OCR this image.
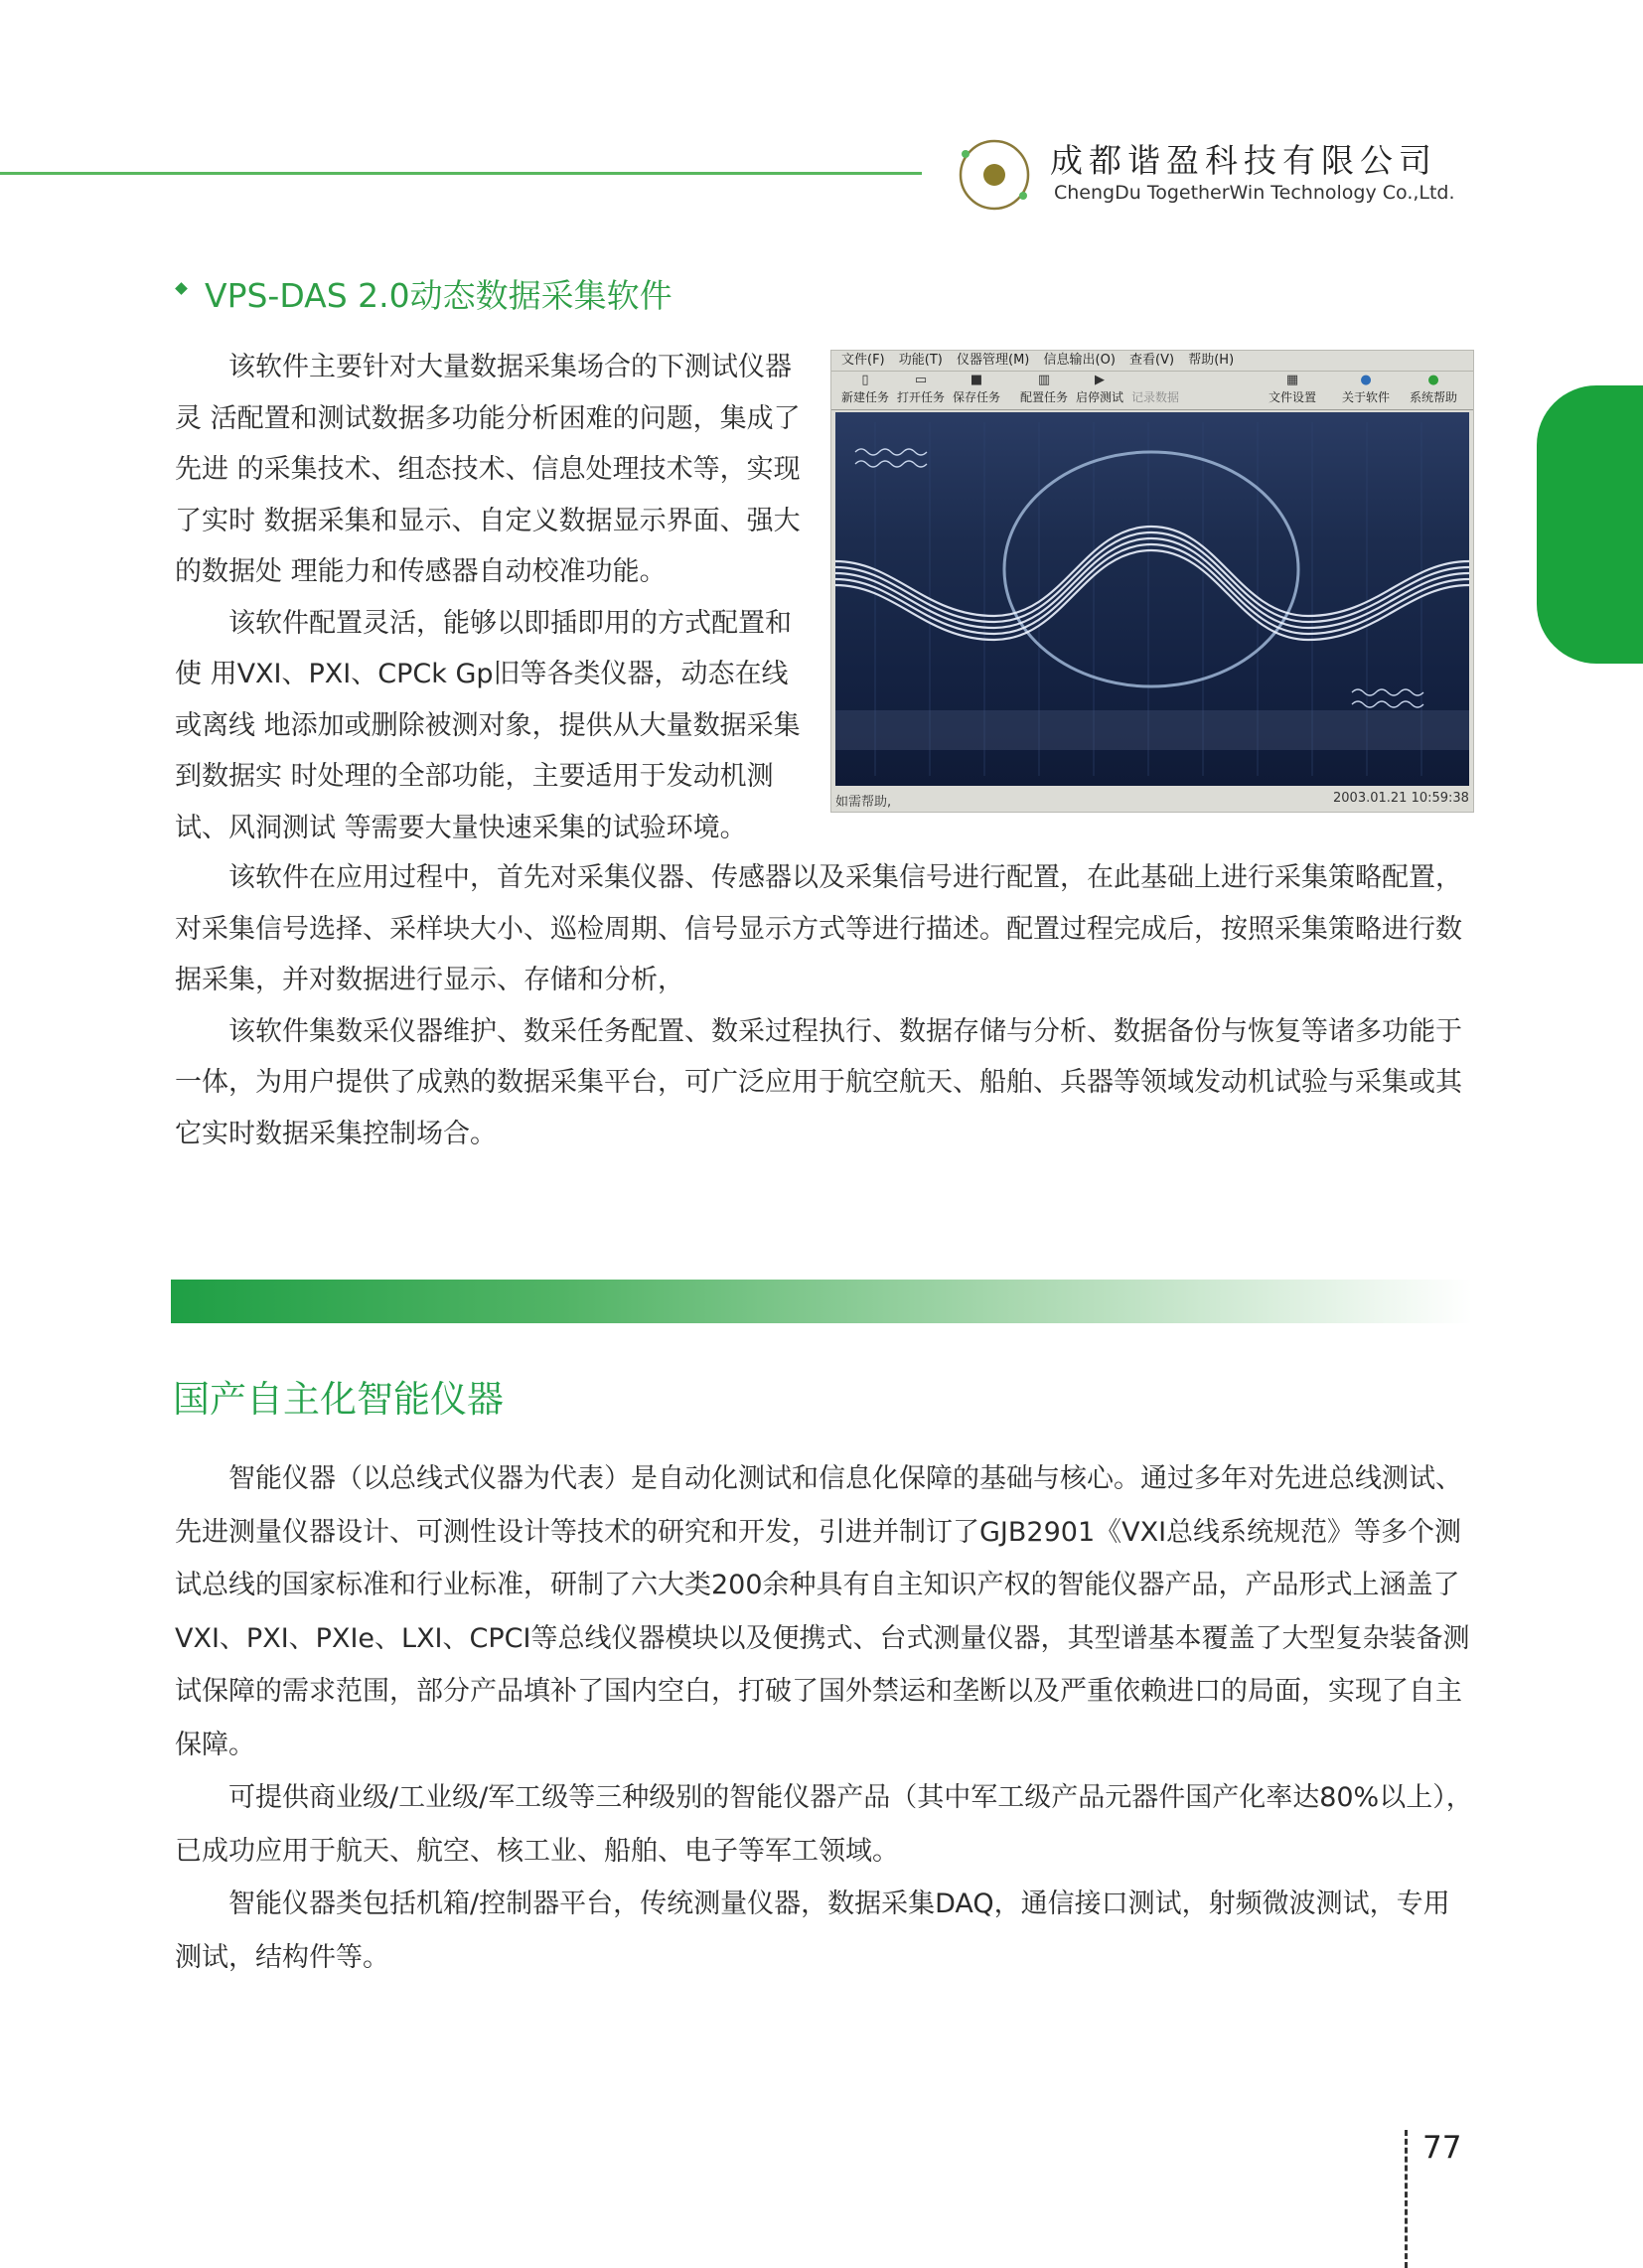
成都谐盈科技有限公司
ChengDu TogetherWin Technology Co.,Ltd.
VPS-DAS 2.0动态数据采集软件

该软件主要针对大量数据采集场合的下测试仪器灵 活配置和测试数据多功能分析困难的问题，集成了先进 的采集技术、组态技术、信息处理技术等，实现了实时 数据采集和显示、自定义数据显示界面、强大的数据处 理能力和传感器自动校准功能。

该软件配置灵活，能够以即插即用的方式配置和使 用VXI、PXI、CPCk Gp旧等各类仪器，动态在线或离线 地添加或删除被测对象，提供从大量数据采集到数据实 时处理的全部功能，主要适用于发动机测试、风洞测试 等需要大量快速采集的试验环境。

文件(F) 功能(T) 仪器管理(M) 信息输出(O) 查看(V) 帮助(H)
▯
新建任务
▭
打开任务
■
保存任务
▥
配置任务
▶
启停测试 记录数据
▦
文件设置
●
关于软件
●
系统帮助
如需帮助,	2003.01.21 10:59:38

该软件在应用过程中，首先对采集仪器、传感器以及采集信号进行配置，在此基础上进行采集策略配置，对采集信号选择、采样块大小、巡检周期、信号显示方式等进行描述。配置过程完成后，按照采集策略进行数据采集，并对数据进行显示、存储和分析，

该软件集数采仪器维护、数采任务配置、数采过程执行、数据存储与分析、数据备份与恢复等诸多功能于一体，为用户提供了成熟的数据采集平台，可广泛应用于航空航天、船舶、兵器等领域发动机试验与采集或其它实时数据采集控制场合。

国产自主化智能仪器

智能仪器（以总线式仪器为代表）是自动化测试和信息化保障的基础与核心。通过多年对先进总线测试、先进测量仪器设计、可测性设计等技术的研究和开发，引进并制订了GJB2901《VXI总线系统规范》等多个测试总线的国家标准和行业标准，研制了六大类200余种具有自主知识产权的智能仪器产品，产品形式上涵盖了VXI、PXI、PXIe、LXI、CPCI等总线仪器模块以及便携式、台式测量仪器，其型谱基本覆盖了大型复杂装备测试保障的需求范围，部分产品填补了国内空白，打破了国外禁运和垄断以及严重依赖进口的局面，实现了自主保障。

可提供商业级/工业级/军工级等三种级别的智能仪器产品（其中军工级产品元器件国产化率达80%以上），已成功应用于航天、航空、核工业、船舶、电子等军工领域。

智能仪器类包括机箱/控制器平台，传统测量仪器，数据采集DAQ，通信接口测试，射频微波测试，专用测试，结构件等。

77
